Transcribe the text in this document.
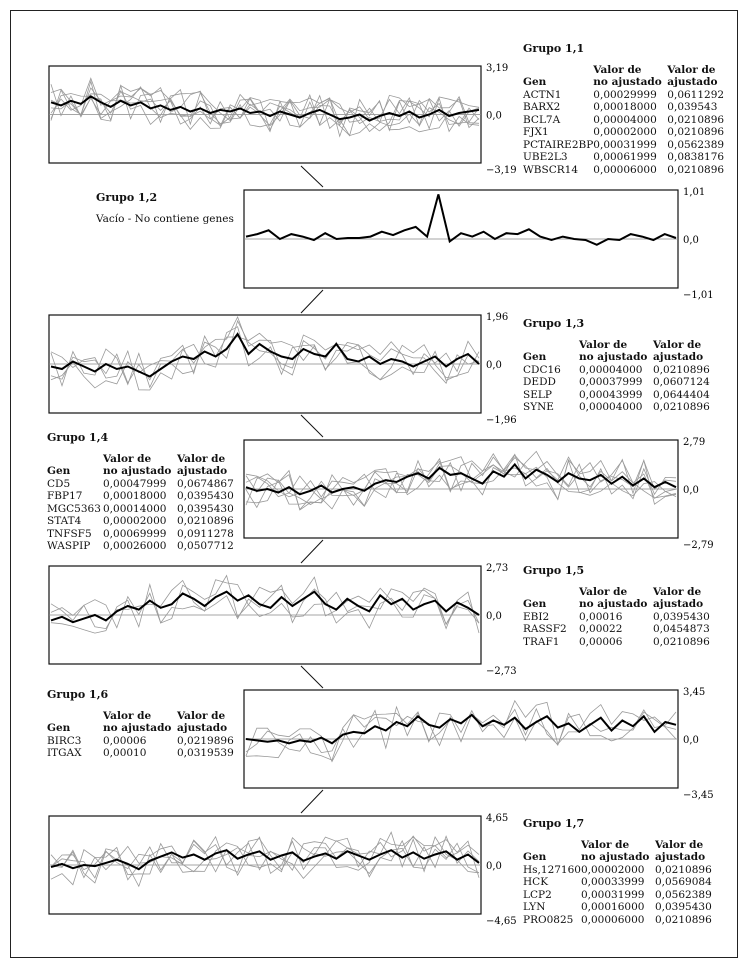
3,19
0,0
−3,19
1,01
0,0
−1,01
1,96
0,0
−1,96
2,79
0,0
−2,79
2,73
0,0
−2,73
3,45
0,0
−3,45
4,65
0,0
−4,65
Grupo 1,1
	Valor de	Valor de
Gen	no ajustado	ajustado
ACTN1	0,00029999	0,0611292
BARX2	0,00018000	0,039543
BCL7A	0,00004000	0,0210896
FJX1	0,00002000	0,0210896
PCTAIRE2BP	0,00031999	0,0562389
UBE2L3	0,00061999	0,0838176
WBSCR14	0,00006000	0,0210896
Grupo 1,2
Vacío - No contiene genes
Grupo 1,3
	Valor de	Valor de
Gen	no ajustado	ajustado
CDC16	0,00004000	0,0210896
DEDD	0,00037999	0,0607124
SELP	0,00043999	0,0644404
SYNE	0,00004000	0,0210896
Grupo 1,4
	Valor de	Valor de
Gen	no ajustado	ajustado
CD5	0,00047999	0,0674867
FBP17	0,00018000	0,0395430
MGC5363	0,00014000	0,0395430
STAT4	0,00002000	0,0210896
TNFSF5	0,00069999	0,0911278
WASPIP	0,00026000	0,0507712
Grupo 1,5
	Valor de	Valor de
Gen	no ajustado	ajustado
EBI2	0,00016	0,0395430
RASSF2	0,00022	0,0454873
TRAF1	0,00006	0,0210896
Grupo 1,6
	Valor de	Valor de
Gen	no ajustado	ajustado
BIRC3	0,00006	0,0219896
ITGAX	0,00010	0,0319539
Grupo 1,7
	Valor de	Valor de
Gen	no ajustado	ajustado
Hs,127160	0,00002000	0,0210896
HCK	0,00033999	0,0569084
LCP2	0,00031999	0,0562389
LYN	0,00016000	0,0395430
PRO0825	0,00006000	0,0210896
